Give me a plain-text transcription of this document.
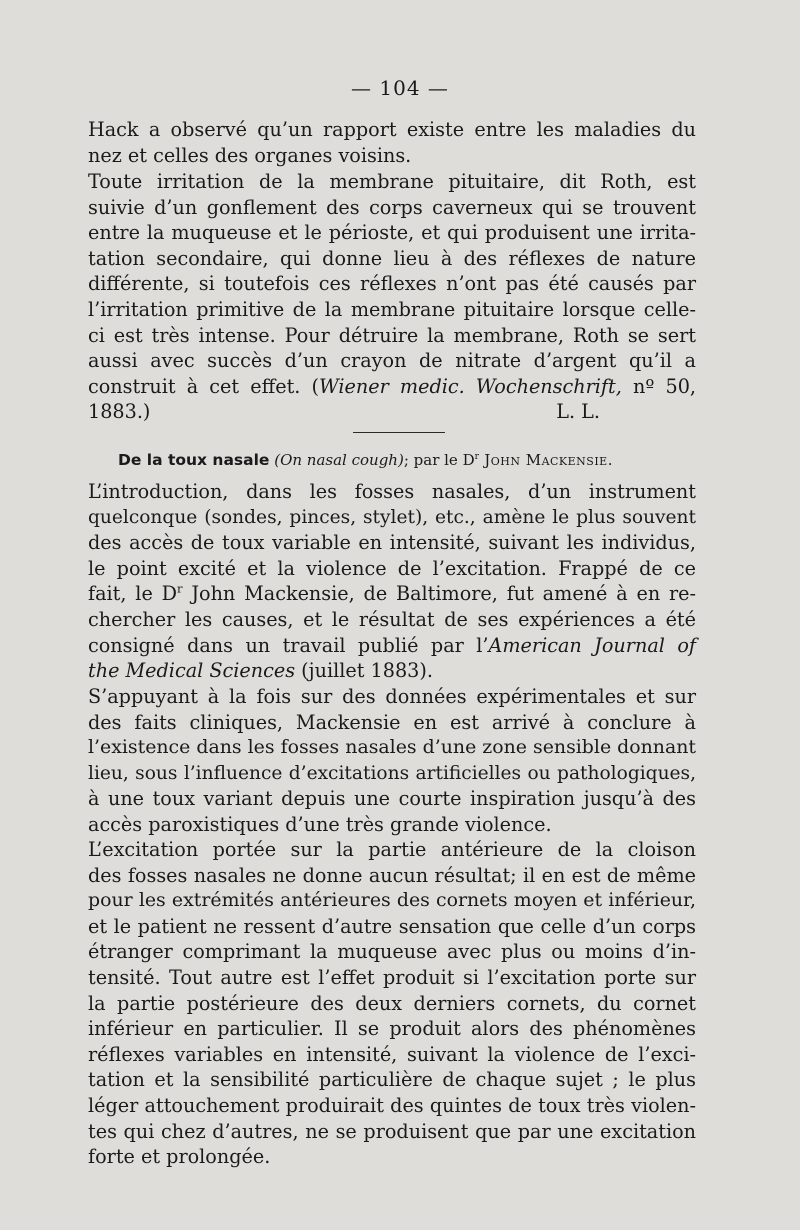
— 104 —
Hack a observé qu’un rapport existe entre les maladies du
nez et celles des organes voisins.
Toute irritation de la membrane pituitaire, dit Roth, est
suivie d’un gonflement des corps caverneux qui se trouvent
entre la muqueuse et le périoste, et qui produisent une irrita-
tation secondaire, qui donne lieu à des réflexes de nature
différente, si toutefois ces réflexes n’ont pas été causés par
l’irritation primitive de la membrane pituitaire lorsque celle-
ci est très intense. Pour détruire la membrane, Roth se sert
aussi avec succès d’un crayon de nitrate d’argent qu’il a
construit à cet effet. (Wiener medic. Wochenschrift, nº 50,
1883.)	L. L.
De la toux nasale (On nasal cough); par le $D^r$ John Mackensie.
L’introduction, dans les fosses nasales, d’un instrument
quelconque (sondes, pinces, stylet), etc., amène le plus souvent
des accès de toux variable en intensité, suivant les individus,
le point excité et la violence de l’excitation. Frappé de ce
fait, le $D^r$ John Mackensie, de Baltimore, fut amené à en re-
chercher les causes, et le résultat de ses expériences a été
consigné dans un travail publié par l’American Journal of
the Medical Sciences (juillet 1883).
S’appuyant à la fois sur des données expérimentales et sur
des faits cliniques, Mackensie en est arrivé à conclure à
l’existence dans les fosses nasales d’une zone sensible donnant
lieu, sous l’influence d’excitations artificielles ou pathologiques,
à une toux variant depuis une courte inspiration jusqu’à des
accès paroxistiques d’une très grande violence.
L’excitation portée sur la partie antérieure de la cloison
des fosses nasales ne donne aucun résultat; il en est de même
pour les extrémités antérieures des cornets moyen et inférieur,
et le patient ne ressent d’autre sensation que celle d’un corps
étranger comprimant la muqueuse avec plus ou moins d’in-
tensité. Tout autre est l’effet produit si l’excitation porte sur
la partie postérieure des deux derniers cornets, du cornet
inférieur en particulier. Il se produit alors des phénomènes
réflexes variables en intensité, suivant la violence de l’exci-
tation et la sensibilité particulière de chaque sujet ; le plus
léger attouchement produirait des quintes de toux très violen-
tes qui chez d’autres, ne se produisent que par une excitation
forte et prolongée.
